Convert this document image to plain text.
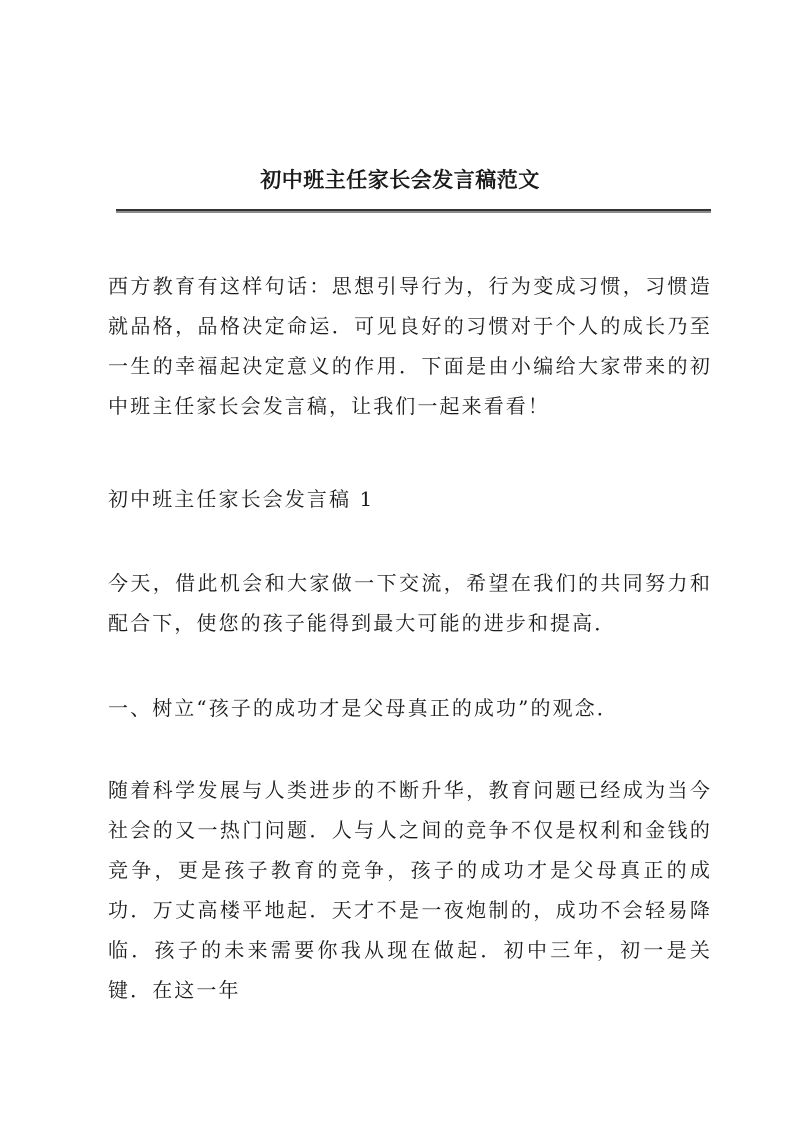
初中班主任家长会发言稿范文

西方教育有这样句话：思想引导行为，行为变成习惯，习惯造就品格，品格决定命运．可见良好的习惯对于个人的成长乃至一生的幸福起决定意义的作用．下面是由小编给大家带来的初中班主任家长会发言稿，让我们一起来看看！

初中班主任家长会发言稿 1

今天，借此机会和大家做一下交流，希望在我们的共同努力和配合下，使您的孩子能得到最大可能的进步和提高．

一、树立“孩子的成功才是父母真正的成功”的观念．

随着科学发展与人类进步的不断升华，教育问题已经成为当今社会的又一热门问题．人与人之间的竞争不仅是权利和金钱的竞争，更是孩子教育的竞争，孩子的成功才是父母真正的成功．万丈高楼平地起．天才不是一夜炮制的，成功不会轻易降临．孩子的未来需要你我从现在做起．初中三年，初一是关键．在这一年
